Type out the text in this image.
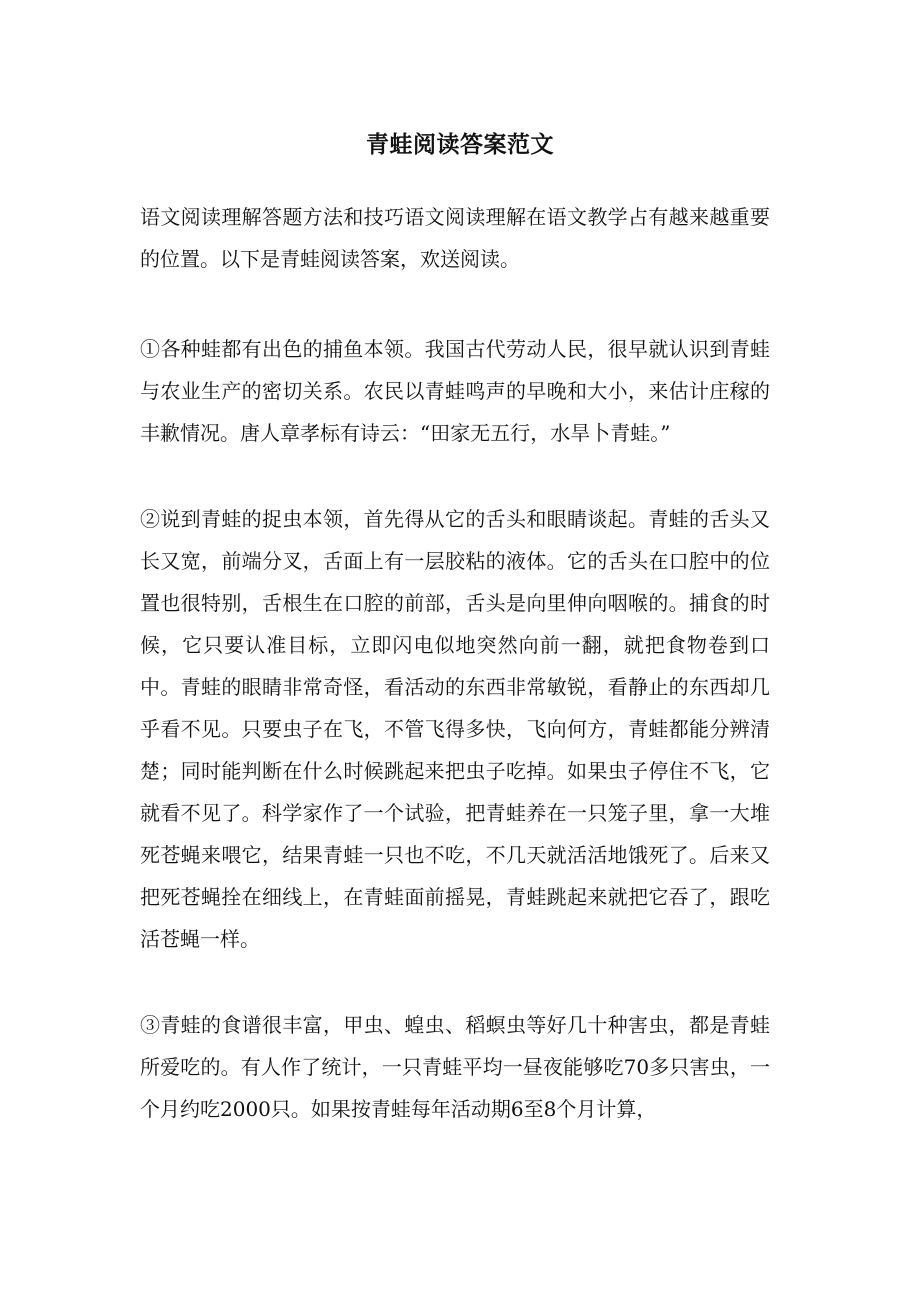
青蛙阅读答案范文

语文阅读理解答题方法和技巧语文阅读理解在语文教学占有越来越重要的位置。以下是青蛙阅读答案，欢送阅读。

①各种蛙都有出色的捕鱼本领。我国古代劳动人民，很早就认识到青蛙与农业生产的密切关系。农民以青蛙鸣声的早晚和大小，来估计庄稼的丰歉情况。唐人章孝标有诗云：“田家无五行，水旱卜青蛙。”

②说到青蛙的捉虫本领，首先得从它的舌头和眼睛谈起。青蛙的舌头又长又宽，前端分叉，舌面上有一层胶粘的液体。它的舌头在口腔中的位置也很特别，舌根生在口腔的前部，舌头是向里伸向咽喉的。捕食的时候，它只要认准目标，立即闪电似地突然向前一翻，就把食物卷到口中。青蛙的眼睛非常奇怪，看活动的东西非常敏锐，看静止的东西却几乎看不见。只要虫子在飞，不管飞得多快，飞向何方，青蛙都能分辨清楚；同时能判断在什么时候跳起来把虫子吃掉。如果虫子停住不飞，它就看不见了。科学家作了一个试验，把青蛙养在一只笼子里，拿一大堆死苍蝇来喂它，结果青蛙一只也不吃，不几天就活活地饿死了。后来又把死苍蝇拴在细线上，在青蛙面前摇晃，青蛙跳起来就把它吞了，跟吃活苍蝇一样。

③青蛙的食谱很丰富，甲虫、蝗虫、稻螟虫等好几十种害虫，都是青蛙所爱吃的。有人作了统计，一只青蛙平均一昼夜能够吃70多只害虫，一个月约吃2000只。如果按青蛙每年活动期6至8个月计算，
